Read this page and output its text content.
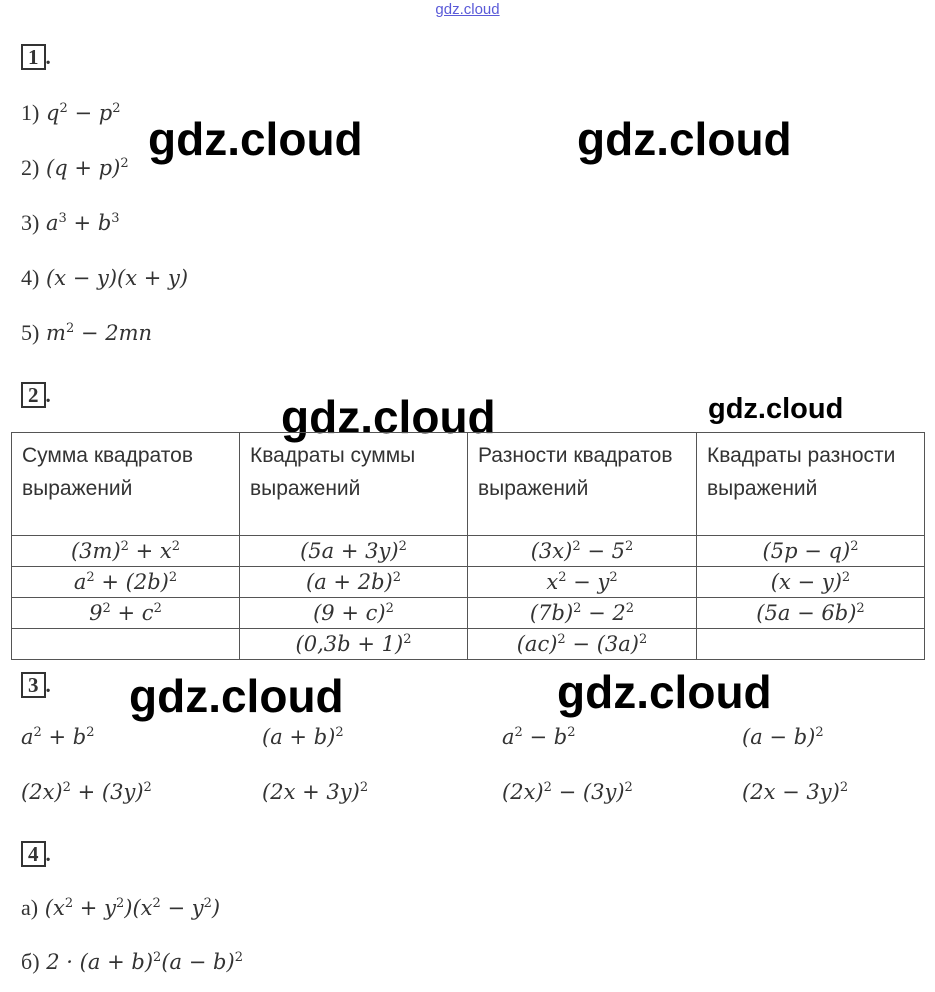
gdz.cloud
gdz.cloud	gdz.cloud
gdz.cloud	gdz.cloud
gdz.cloud	gdz.cloud
1 .
1) $q^2 - p^2$
2) $(q + p)^2$
3) $a^3 + b^3$
4) (x − y)(x + y)
5) $m^2 - 2mn$
2 .
Сумма квадратов выражений	Квадраты суммы выражений	Разности квадратов выражений	Квадраты разности выражений
$(3m)^2 + x^2$	$(5a + 3y)^2$	$(3x)^2 - 5^2$	$(5p - q)^2$
$a^2 + (2b)^2$	$(a + 2b)^2$	$x^2 - y^2$	$(x - y)^2$
$9^2 + c^2$	$(9 + c)^2$	$(7b)^2 - 2^2$	$(5a - 6b)^2$
	$(0,3b + 1)^2$	$(ac)^2 - (3a)^2$	
3 .
$a^2 + b^2$	$(a + b)^2$	$a^2 - b^2$	$(a - b)^2$
$(2x)^2 + (3y)^2$	$(2x + 3y)^2$	$(2x)^2 - (3y)^2$	$(2x - 3y)^2$
4 .
а) $(x^2 + y^2)(x^2 - y^2)$
б) $2 \cdot (a + b)^2(a - b)^2$
